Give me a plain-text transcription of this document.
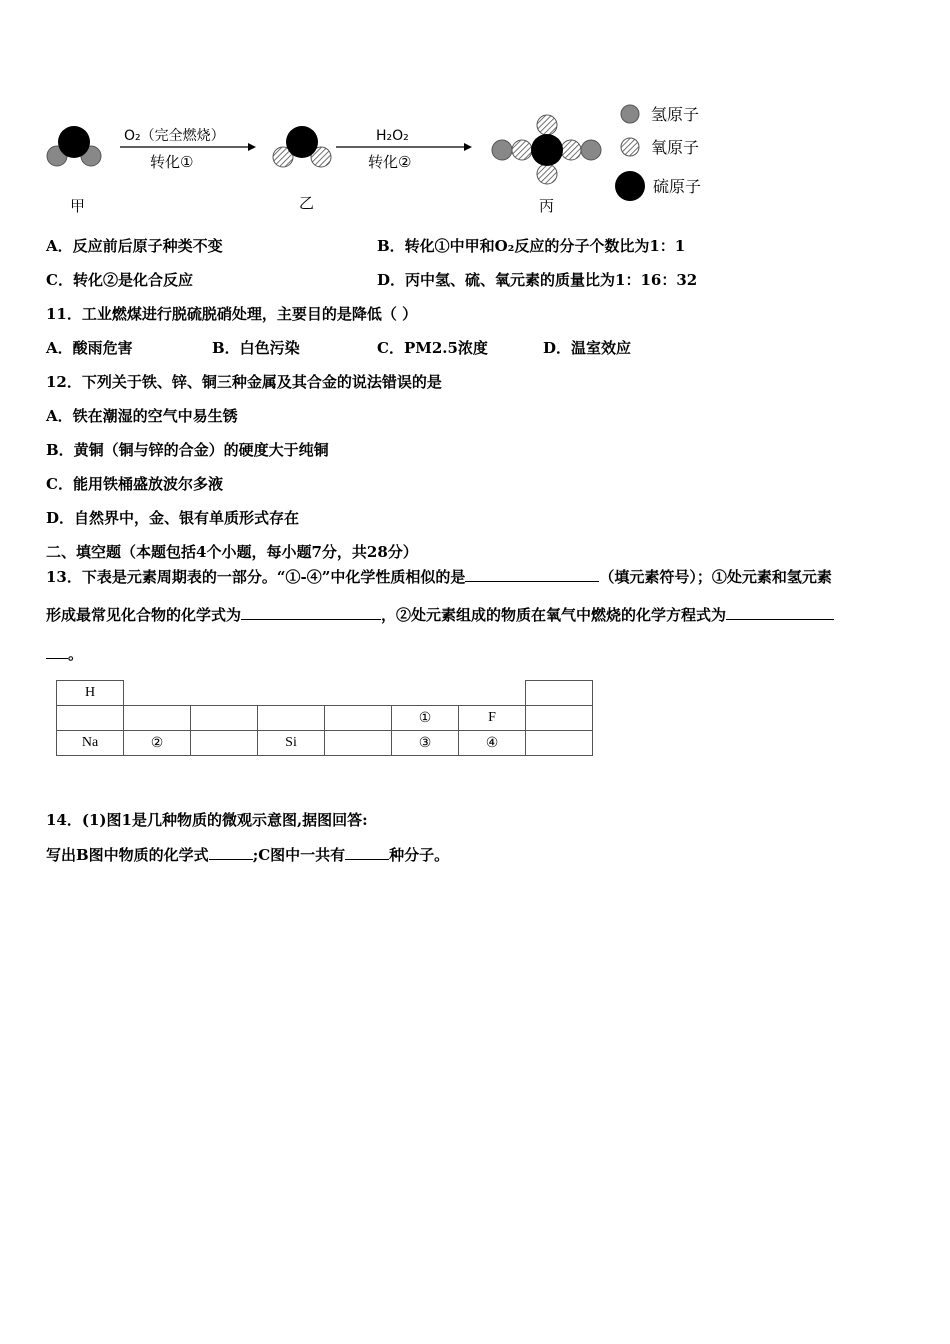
O₂（完全燃烧）
转化①
H₂O₂
转化②
氢原子
氧原子
硫原子
甲	乙	丙
A．反应前后原子种类不变	B．转化①中甲和O₂反应的分子个数比为1：1
C．转化②是化合反应	D．丙中氢、硫、氧元素的质量比为1：16：32
11．工业燃煤进行脱硫脱硝处理，主要目的是降低（ ）
A．酸雨危害	B．白色污染	C．PM2.5浓度	D．温室效应
12．下列关于铁、锌、铜三种金属及其合金的说法错误的是
A．铁在潮湿的空气中易生锈
B．黄铜（铜与锌的合金）的硬度大于纯铜
C．能用铁桶盛放波尔多液
D．自然界中，金、银有单质形式存在
二、填空题（本题包括4个小题，每小题7分，共28分）
13．下表是元素周期表的一部分。“①-④”中化学性质相似的是	（填元素符号）；①处元素和氢元素
形成最常见化合物的化学式为	，②处元素组成的物质在氧气中燃烧的化学方程式为
。
H							
					①	F	
Na	②		Si		③	④	
14．(1)图1是几种物质的微观示意图,据图回答:
写出B图中物质的化学式	;C图中一共有	种分子。
